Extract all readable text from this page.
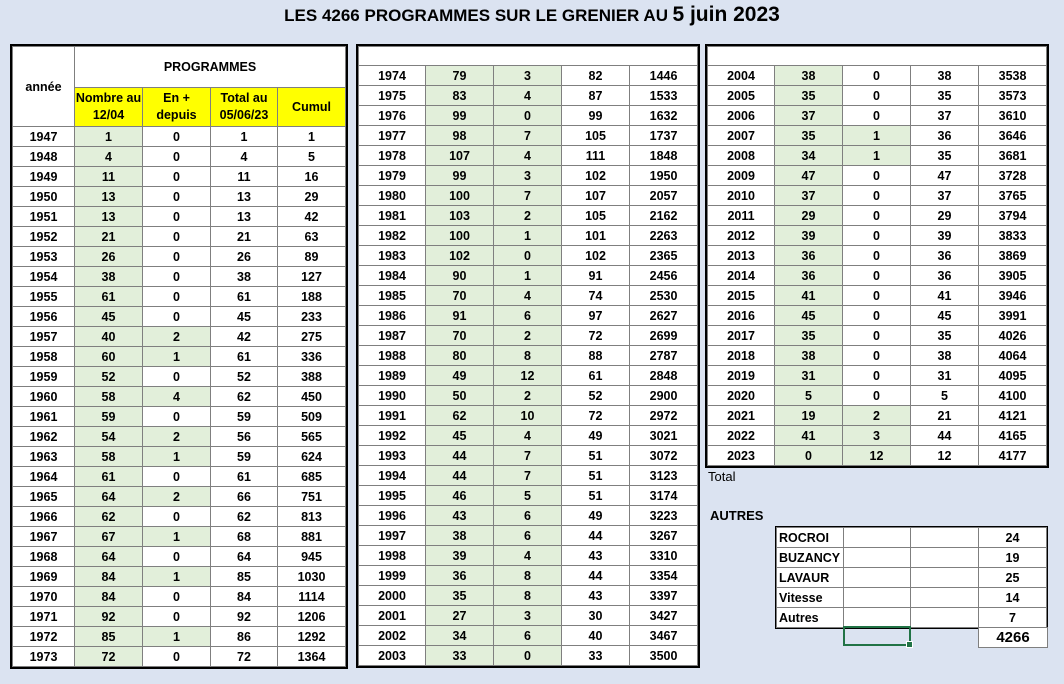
LES 4266 PROGRAMMES SUR LE GRENIER AU 5 juin 2023
année	PROGRAMMES			
	Nombre au 12/04	En + depuis	Total au 05/06/23	Cumul
1947	1	0	1	1
1948	4	0	4	5
1949	11	0	11	16
1950	13	0	13	29
1951	13	0	13	42
1952	21	0	21	63
1953	26	0	26	89
1954	38	0	38	127
1955	61	0	61	188
1956	45	0	45	233
1957	40	2	42	275
1958	60	1	61	336
1959	52	0	52	388
1960	58	4	62	450
1961	59	0	59	509
1962	54	2	56	565
1963	58	1	59	624
1964	61	0	61	685
1965	64	2	66	751
1966	62	0	62	813
1967	67	1	68	881
1968	64	0	64	945
1969	84	1	85	1030
1970	84	0	84	1114
1971	92	0	92	1206
1972	85	1	86	1292
1973	72	0	72	1364

1974	79	3	82	1446
1975	83	4	87	1533
1976	99	0	99	1632
1977	98	7	105	1737
1978	107	4	111	1848
1979	99	3	102	1950
1980	100	7	107	2057
1981	103	2	105	2162
1982	100	1	101	2263
1983	102	0	102	2365
1984	90	1	91	2456
1985	70	4	74	2530
1986	91	6	97	2627
1987	70	2	72	2699
1988	80	8	88	2787
1989	49	12	61	2848
1990	50	2	52	2900
1991	62	10	72	2972
1992	45	4	49	3021
1993	44	7	51	3072
1994	44	7	51	3123
1995	46	5	51	3174
1996	43	6	49	3223
1997	38	6	44	3267
1998	39	4	43	3310
1999	36	8	44	3354
2000	35	8	43	3397
2001	27	3	30	3427
2002	34	6	40	3467
2003	33	0	33	3500

2004	38	0	38	3538
2005	35	0	35	3573
2006	37	0	37	3610
2007	35	1	36	3646
2008	34	1	35	3681
2009	47	0	47	3728
2010	37	0	37	3765
2011	29	0	29	3794
2012	39	0	39	3833
2013	36	0	36	3869
2014	36	0	36	3905
2015	41	0	41	3946
2016	45	0	45	3991
2017	35	0	35	4026
2018	38	0	38	4064
2019	31	0	31	4095
2020	5	0	5	4100
2021	19	2	21	4121
2022	41	3	44	4165
2023	0	12	12	4177
Total
AUTRES
ROCROI			24
BUZANCY			19
LAVAUR			25
Vitesse			14
Autres			7
4266
